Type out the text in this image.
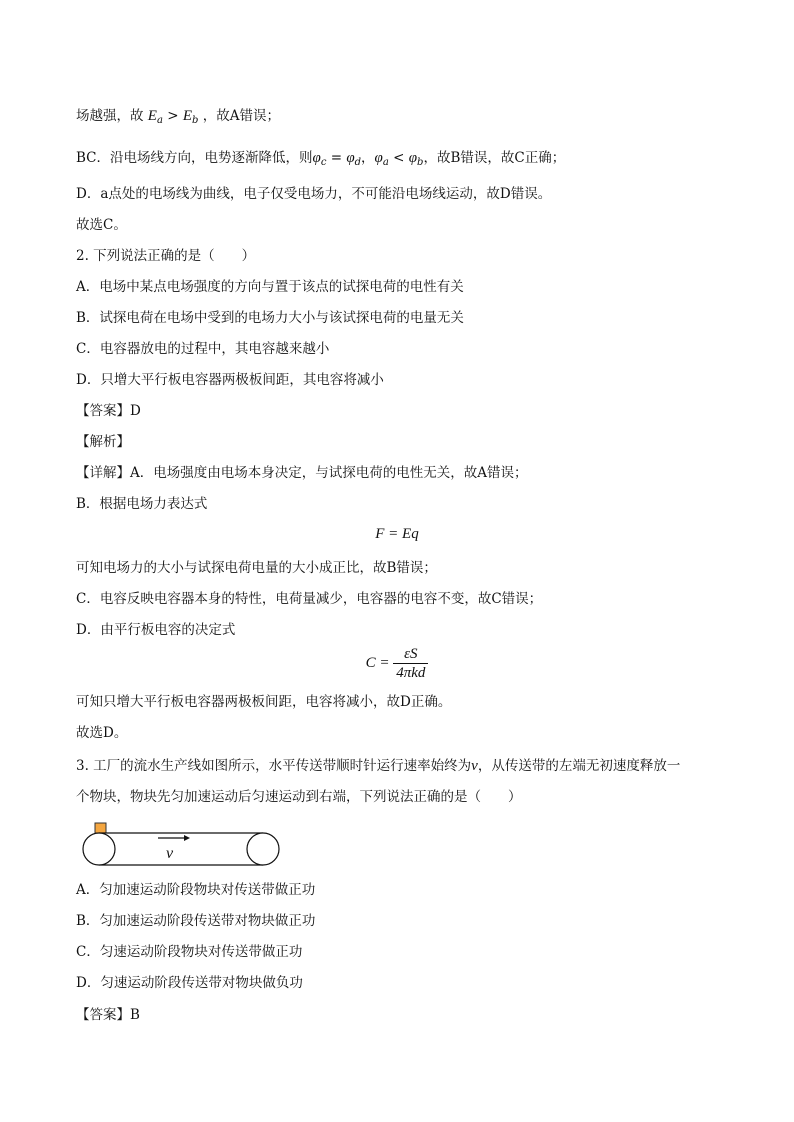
场越强，故 $E_a > E_b$ ，故A错误；
BC．沿电场线方向，电势逐渐降低，则$\varphi_c = \varphi_d$，$\varphi_a < \varphi_b$，故B错误，故C正确；
D．a点处的电场线为曲线，电子仅受电场力，不可能沿电场线运动，故D错误。
故选C。
2. 下列说法正确的是（　　）
A．电场中某点电场强度的方向与置于该点的试探电荷的电性有关
B．试探电荷在电场中受到的电场力大小与该试探电荷的电量无关
C．电容器放电的过程中，其电容越来越小
D．只增大平行板电容器两极板间距，其电容将减小
【答案】D
【解析】
【详解】A．电场强度由电场本身决定，与试探电荷的电性无关，故A错误；
B．根据电场力表达式
F = Eq
可知电场力的大小与试探电荷电量的大小成正比，故B错误；
C．电容反映电容器本身的特性，电荷量减少，电容器的电容不变，故C错误；
D．由平行板电容的决定式
$C = \frac{\varepsilon S}{\text{4πkd}}$
可知只增大平行板电容器两极板间距，电容将减小，故D正确。
故选D。
3. 工厂的流水生产线如图所示，水平传送带顺时针运行速率始终为v，从传送带的左端无初速度释放一
个物块，物块先匀加速运动后匀速运动到右端，下列说法正确的是（　　）
v
A．匀加速运动阶段物块对传送带做正功
B．匀加速运动阶段传送带对物块做正功
C．匀速运动阶段物块对传送带做正功
D．匀速运动阶段传送带对物块做负功
【答案】B
